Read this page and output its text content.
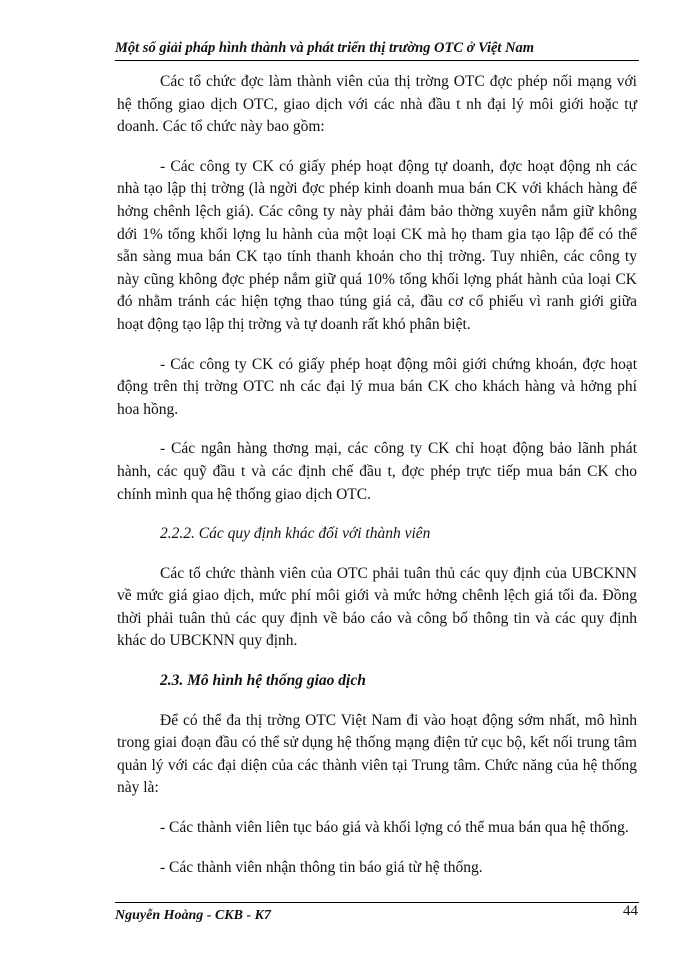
Một số giải pháp hình thành và phát triển thị trường OTC ở Việt Nam

Các tổ chức đợc làm thành viên của thị trờng OTC đợc phép nối mạng với hệ thống giao dịch OTC, giao dịch với các nhà đầu t nh đại lý môi giới hoặc tự doanh. Các tổ chức này bao gồm:

- Các công ty CK có giấy phép hoạt động tự doanh, đợc hoạt động nh các nhà tạo lập thị trờng (là ngời đợc phép kinh doanh mua bán CK với khách hàng để hởng chênh lệch giá). Các công ty này phải đảm bảo thờng xuyên nắm giữ không dới 1% tổng khối lợng lu hành của một loại CK mà họ tham gia tạo lập để có thể sẵn sàng mua bán CK tạo tính thanh khoản cho thị trờng. Tuy nhiên, các công ty này cũng không đợc phép nắm giữ quá 10% tổng khối lợng phát hành của loại CK đó nhằm tránh các hiện tợng thao túng giá cả, đầu cơ cổ phiếu vì ranh giới giữa hoạt động tạo lập thị trờng và tự doanh rất khó phân biệt.

- Các công ty CK có giấy phép hoạt động môi giới chứng khoán, đợc hoạt động trên thị trờng OTC nh các đại lý mua bán CK cho khách hàng và hởng phí hoa hồng.

- Các ngân hàng thơng mại, các công ty CK chỉ hoạt động bảo lãnh phát hành, các quỹ đầu t và các định chế đầu t, đợc phép trực tiếp mua bán CK cho chính mình qua hệ thống giao dịch OTC.

2.2.2. Các quy định khác đối với thành viên

Các tổ chức thành viên của OTC phải tuân thủ các quy định của UBCKNN về mức giá giao dịch, mức phí môi giới và mức hởng chênh lệch giá tối đa. Đồng thời phải tuân thủ các quy định về báo cáo và công bố thông tin và các quy định khác do UBCKNN quy định.

2.3. Mô hình hệ thống giao dịch

Để có thể đa thị trờng OTC Việt Nam đi vào hoạt động sớm nhất, mô hình trong giai đoạn đầu có thể sử dụng hệ thống mạng điện tử cục bộ, kết nối trung tâm quản lý với các đại diện của các thành viên tại Trung tâm. Chức năng của hệ thống này là:

- Các thành viên liên tục báo giá và khối lợng có thể mua bán qua hệ thống.

- Các thành viên nhận thông tin báo giá từ hệ thống.

Nguyễn Hoàng - CKB - K7	44
